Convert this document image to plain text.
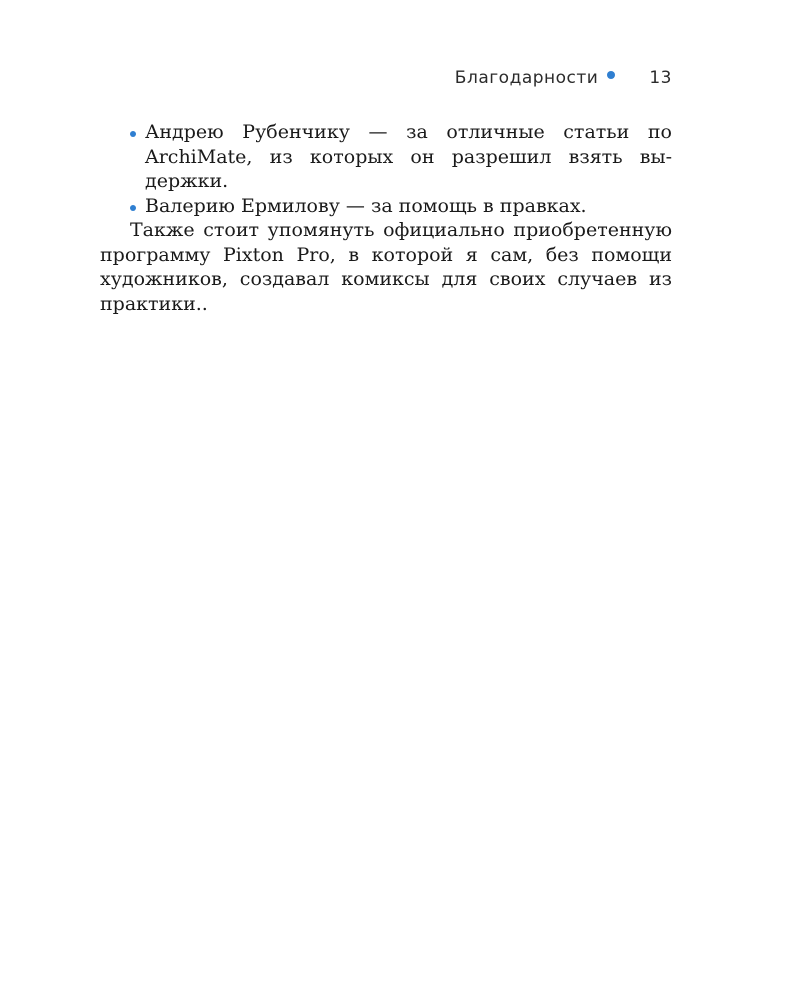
Благодарности	13
Андрею Рубенчику — за отличные статьи по ArchiMate, из которых он разрешил взять выдержки.
Валерию Ермилову — за помощь в правках.

Также стоит упомянуть официально приобретенную программу Pixton Pro, в которой я сам, без помощи художников, создавал комиксы для своих случаев из практики..
